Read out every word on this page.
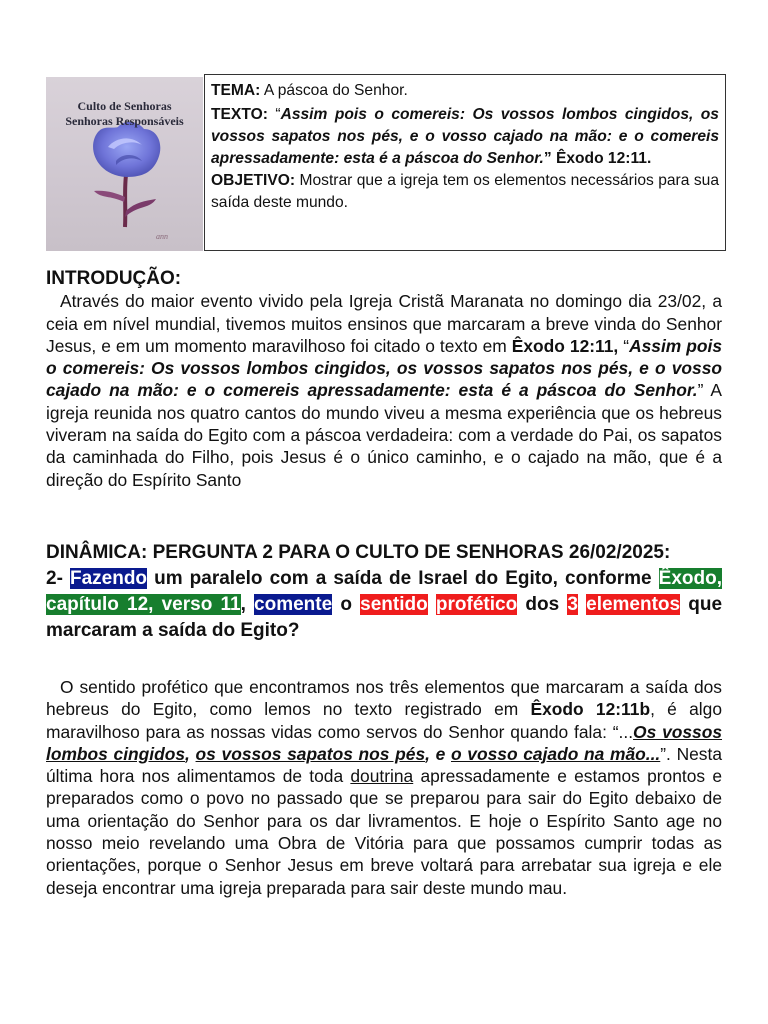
ann
Culto de Senhoras
Senhoras Responsáveis

TEMA: A páscoa do Senhor.

TEXTO: “Assim pois o comereis: Os vossos lombos cingidos, os vossos sapatos nos pés, e o vosso cajado na mão: e o comereis apressadamente: esta é a páscoa do Senhor.” Êxodo 12:11.

OBJETIVO: Mostrar que a igreja tem os elementos necessários para sua saída deste mundo.

INTRODUÇÃO:

Através do maior evento vivido pela Igreja Cristã Maranata no domingo dia 23/02, a ceia em nível mundial, tivemos muitos ensinos que marcaram a breve vinda do Senhor Jesus, e em um momento maravilhoso foi citado o texto em Êxodo 12:11, “Assim pois o comereis: Os vossos lombos cingidos, os vossos sapatos nos pés, e o vosso cajado na mão: e o comereis apressadamente: esta é a páscoa do Senhor.” A igreja reunida nos quatro cantos do mundo viveu a mesma experiência que os hebreus viveram na saída do Egito com a páscoa verdadeira: com a verdade do Pai, os sapatos da caminhada do Filho, pois Jesus é o único caminho, e o cajado na mão, que é a direção do Espírito Santo

DINÂMICA: PERGUNTA 2 PARA O CULTO DE SENHORAS 26/02/2025:

2- Fazendo um paralelo com a saída de Israel do Egito, conforme Êxodo, capítulo 12, verso 11, comente o sentido profético dos 3 elementos que marcaram a saída do Egito?

O sentido profético que encontramos nos três elementos que marcaram a saída dos hebreus do Egito, como lemos no texto registrado em Êxodo 12:11b, é algo maravilhoso para as nossas vidas como servos do Senhor quando fala: “...Os vossos lombos cingidos, os vossos sapatos nos pés, e o vosso cajado na mão...”. Nesta última hora nos alimentamos de toda doutrina apressadamente e estamos prontos e preparados como o povo no passado que se preparou para sair do Egito debaixo de uma orientação do Senhor para os dar livramentos. E hoje o Espírito Santo age no nosso meio revelando uma Obra de Vitória para que possamos cumprir todas as orientações, porque o Senhor Jesus em breve voltará para arrebatar sua igreja e ele deseja encontrar uma igreja preparada para sair deste mundo mau.
